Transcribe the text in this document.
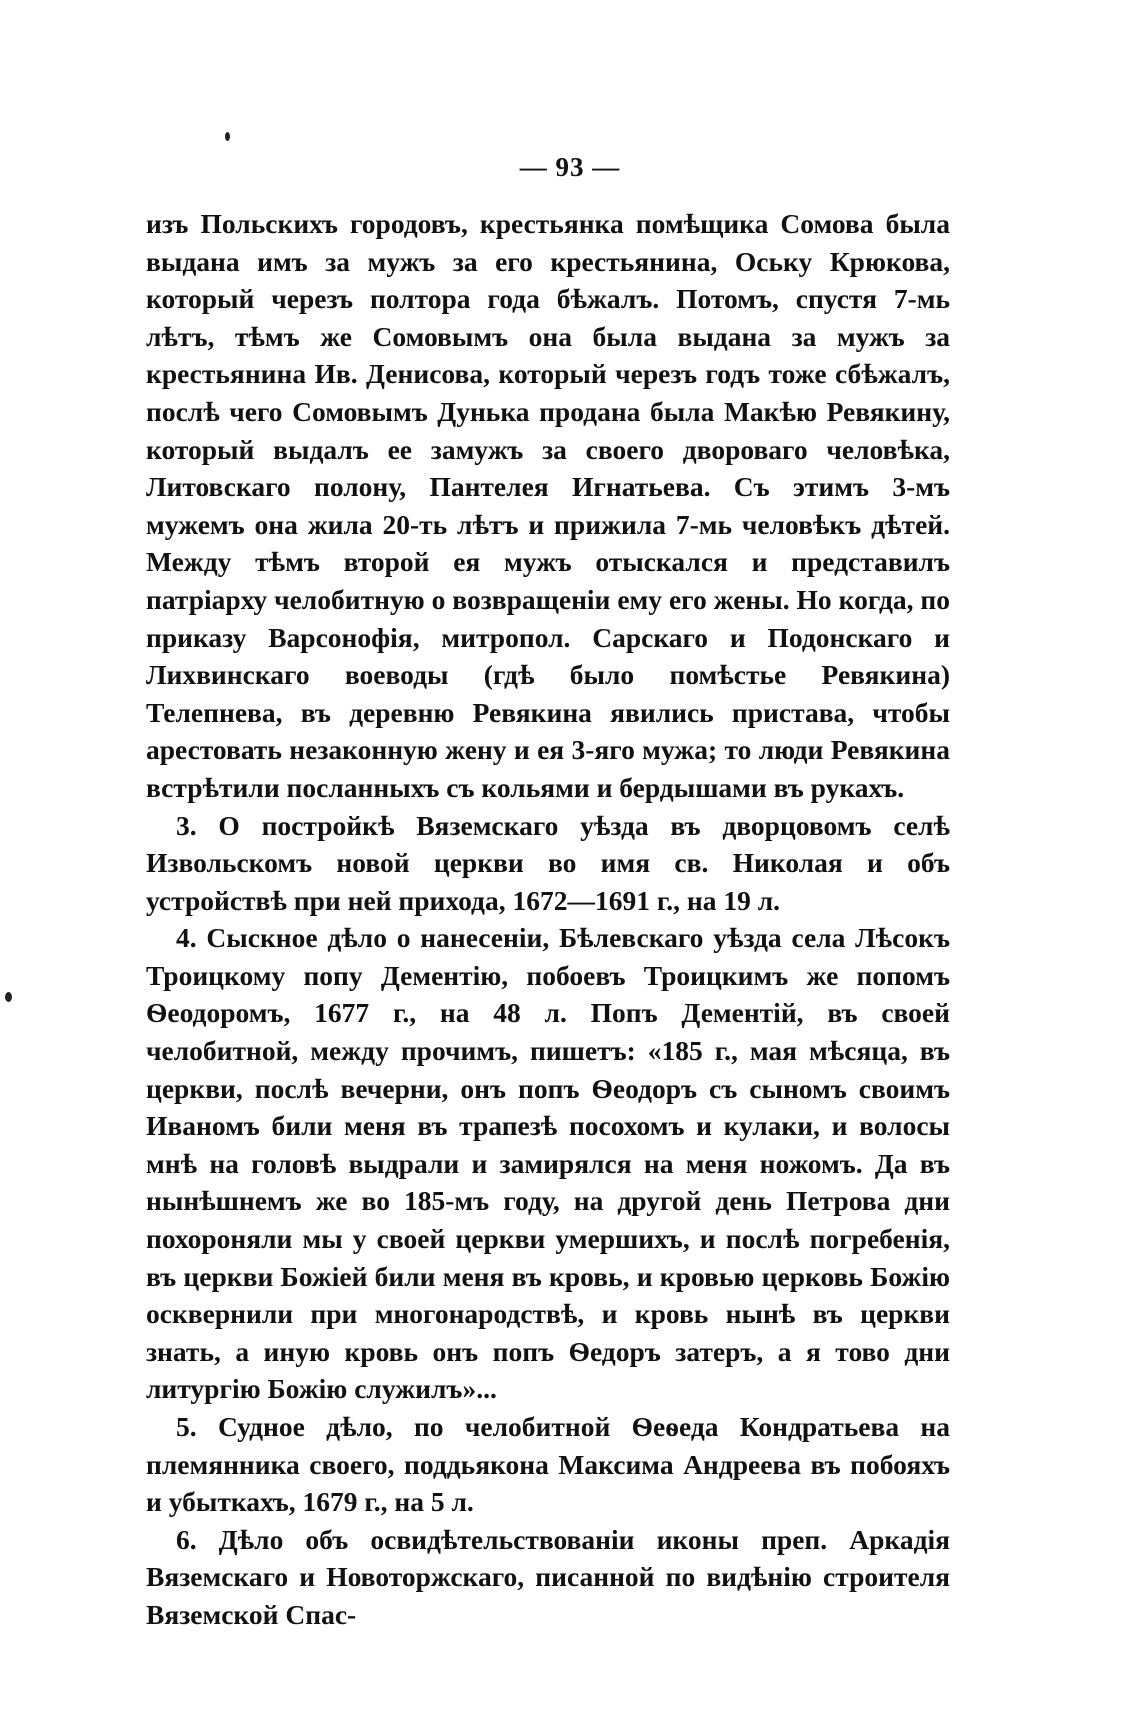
— 93 —

изъ Польскихъ городовъ, крестьянка помѣщика Сомова была выдана имъ за мужъ за его крестьянина, Оську Крюкова, который черезъ полтора года бѣжалъ. Потомъ, спустя 7-мь лѣтъ, тѣмъ же Сомовымъ она была выдана за мужъ за крестьянина Ив. Денисова, который черезъ годъ тоже сбѣжалъ, послѣ чего Сомовымъ Дунька продана была Макѣю Ревякину, который выдалъ ее замужъ за своего двороваго человѣка, Литовскаго полону, Пантелея Игнатьева. Съ этимъ 3-мъ мужемъ она жила 20-ть лѣтъ и прижила 7-мь человѣкъ дѣтей. Между тѣмъ второй ея мужъ отыскался и представилъ патріарху челобитную о возвращеніи ему его жены. Но когда, по приказу Варсонофія, митропол. Сарскаго и Подонскаго и Лихвинскаго воеводы (гдѣ было помѣстье Ревякина) Телепнева, въ деревню Ревякина явились пристава, чтобы арестовать незаконную жену и ея 3-яго мужа; то люди Ревякина встрѣтили посланныхъ съ кольями и бердышами въ рукахъ.

3. О постройкѣ Вяземскаго уѣзда въ дворцовомъ селѣ Извольскомъ новой церкви во имя св. Николая и объ устройствѣ при ней прихода, 1672—1691 г., на 19 л.

4. Сыскное дѣло о нанесеніи, Бѣлевскаго уѣзда села Лѣсокъ Троицкому попу Дементію, побоевъ Троицкимъ же попомъ Ѳеодоромъ, 1677 г., на 48 л. Попъ Дементій, въ своей челобитной, между прочимъ, пишетъ: «185 г., мая мѣсяца, въ церкви, послѣ вечерни, онъ попъ Ѳеодоръ съ сыномъ своимъ Иваномъ били меня въ трапезѣ посохомъ и кулаки, и волосы мнѣ на головѣ выдрали и замирялся на меня ножомъ. Да въ нынѣшнемъ же во 185-мъ году, на другой день Петрова дни похороняли мы у своей церкви умершихъ, и послѣ погребенія, въ церкви Божіей били меня въ кровь, и кровью церковь Божію осквернили при многонародствѣ, и кровь нынѣ въ церкви знать, а иную кровь онъ попъ Ѳедоръ затеръ, а я тово дни литургію Божію служилъ»...

5. Судное дѣло, по челобитной Ѳеѳеда Кондратьева на племянника своего, поддьякона Максима Андреева въ побояхъ и убыткахъ, 1679 г., на 5 л.

6. Дѣло объ освидѣтельствованіи иконы преп. Аркадія Вяземскаго и Новоторжскаго, писанной по видѣнію строителя Вяземской Спас-
